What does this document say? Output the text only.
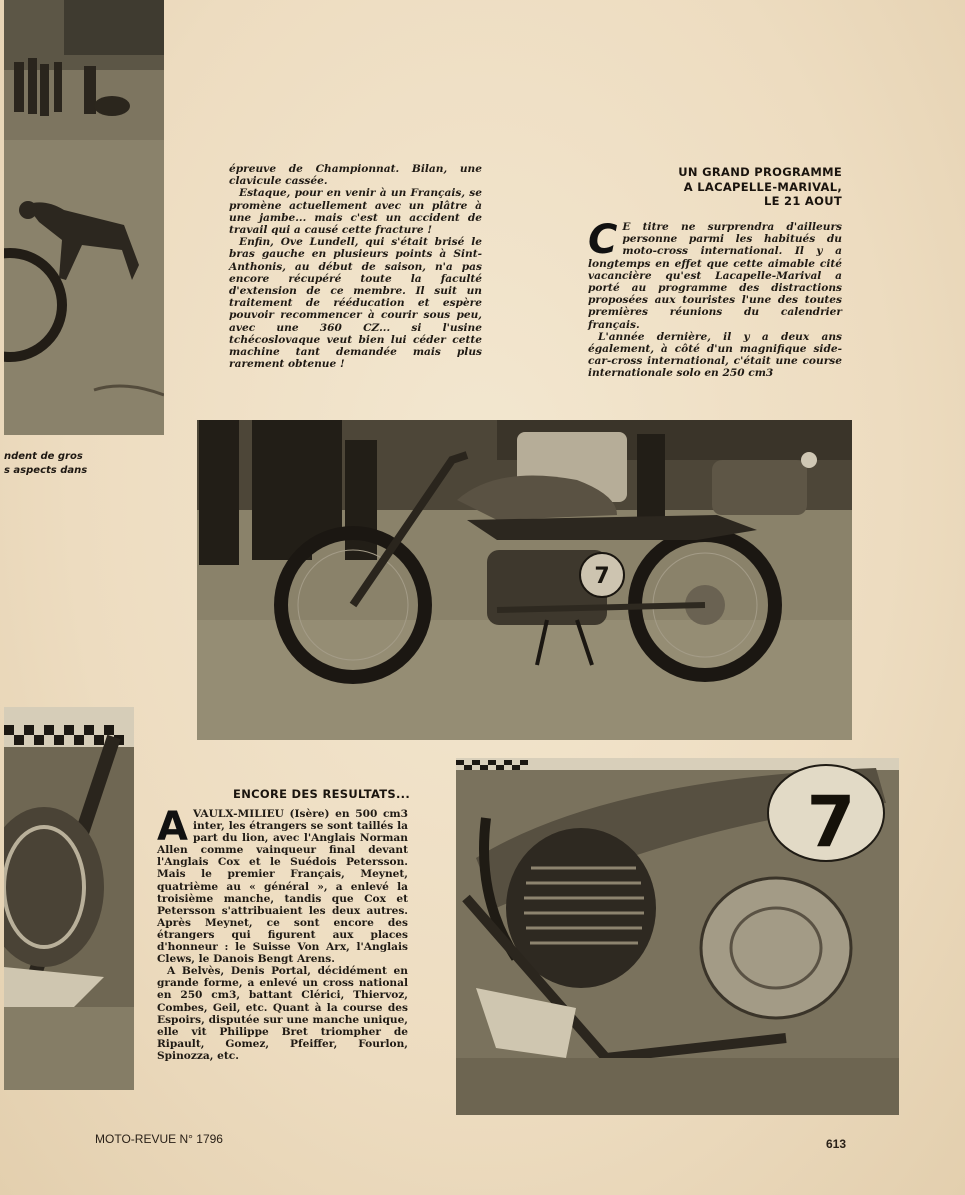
épreuve de Championnat. Bilan, une clavicule cassée.

Estaque, pour en venir à un Français, se promène actuellement avec un plâtre à une jambe... mais c'est un accident de travail qui a causé cette fracture !

Enfin, Ove Lundell, qui s'était brisé le bras gauche en plusieurs points à Sint-Anthonis, au début de saison, n'a pas encore récupéré toute la faculté d'extension de ce membre. Il suit un traitement de rééducation et espère pouvoir recommencer à courir sous peu, avec une 360 CZ... si l'usine tchécoslovaque veut bien lui céder cette machine tant demandée mais plus rarement obtenue !

UN GRAND PROGRAMME
A LACAPELLE-MARIVAL,
LE 21 AOUT

C E titre ne surprendra d'ailleurs personne parmi les habitués du moto-cross international. Il y a longtemps en effet que cette aimable cité vacancière qu'est Lacapelle-Marival a porté au programme des distractions proposées aux touristes l'une des toutes premières réunions du calendrier français.

L'année dernière, il y a deux ans également, à côté d'un magnifique side-car-cross international, c'était une course internationale solo en 250 cm3

ndent de gros
s aspects dans
7
ENCORE DES RESULTATS...

AVAULX-MILIEU (Isère) en 500 cm3 inter, les étrangers se sont taillés la part du lion, avec l'Anglais Norman Allen comme vainqueur final devant l'Anglais Cox et le Suédois Petersson. Mais le premier Français, Meynet, quatrième au « général », a enlevé la troisième manche, tandis que Cox et Petersson s'attribuaient les deux autres. Après Meynet, ce sont encore des étrangers qui figurent aux places d'honneur : le Suisse Von Arx, l'Anglais Clews, le Danois Bengt Arens.

A Belvès, Denis Portal, décidément en grande forme, a enlevé un cross national en 250 cm3, battant Clérici, Thiervoz, Combes, Geil, etc. Quant à la course des Espoirs, disputée sur une manche unique, elle vit Philippe Bret triompher de Ripault, Gomez, Pfeiffer, Fourlon, Spinozza, etc.

7
MOTO-REVUE N° 1796	613
